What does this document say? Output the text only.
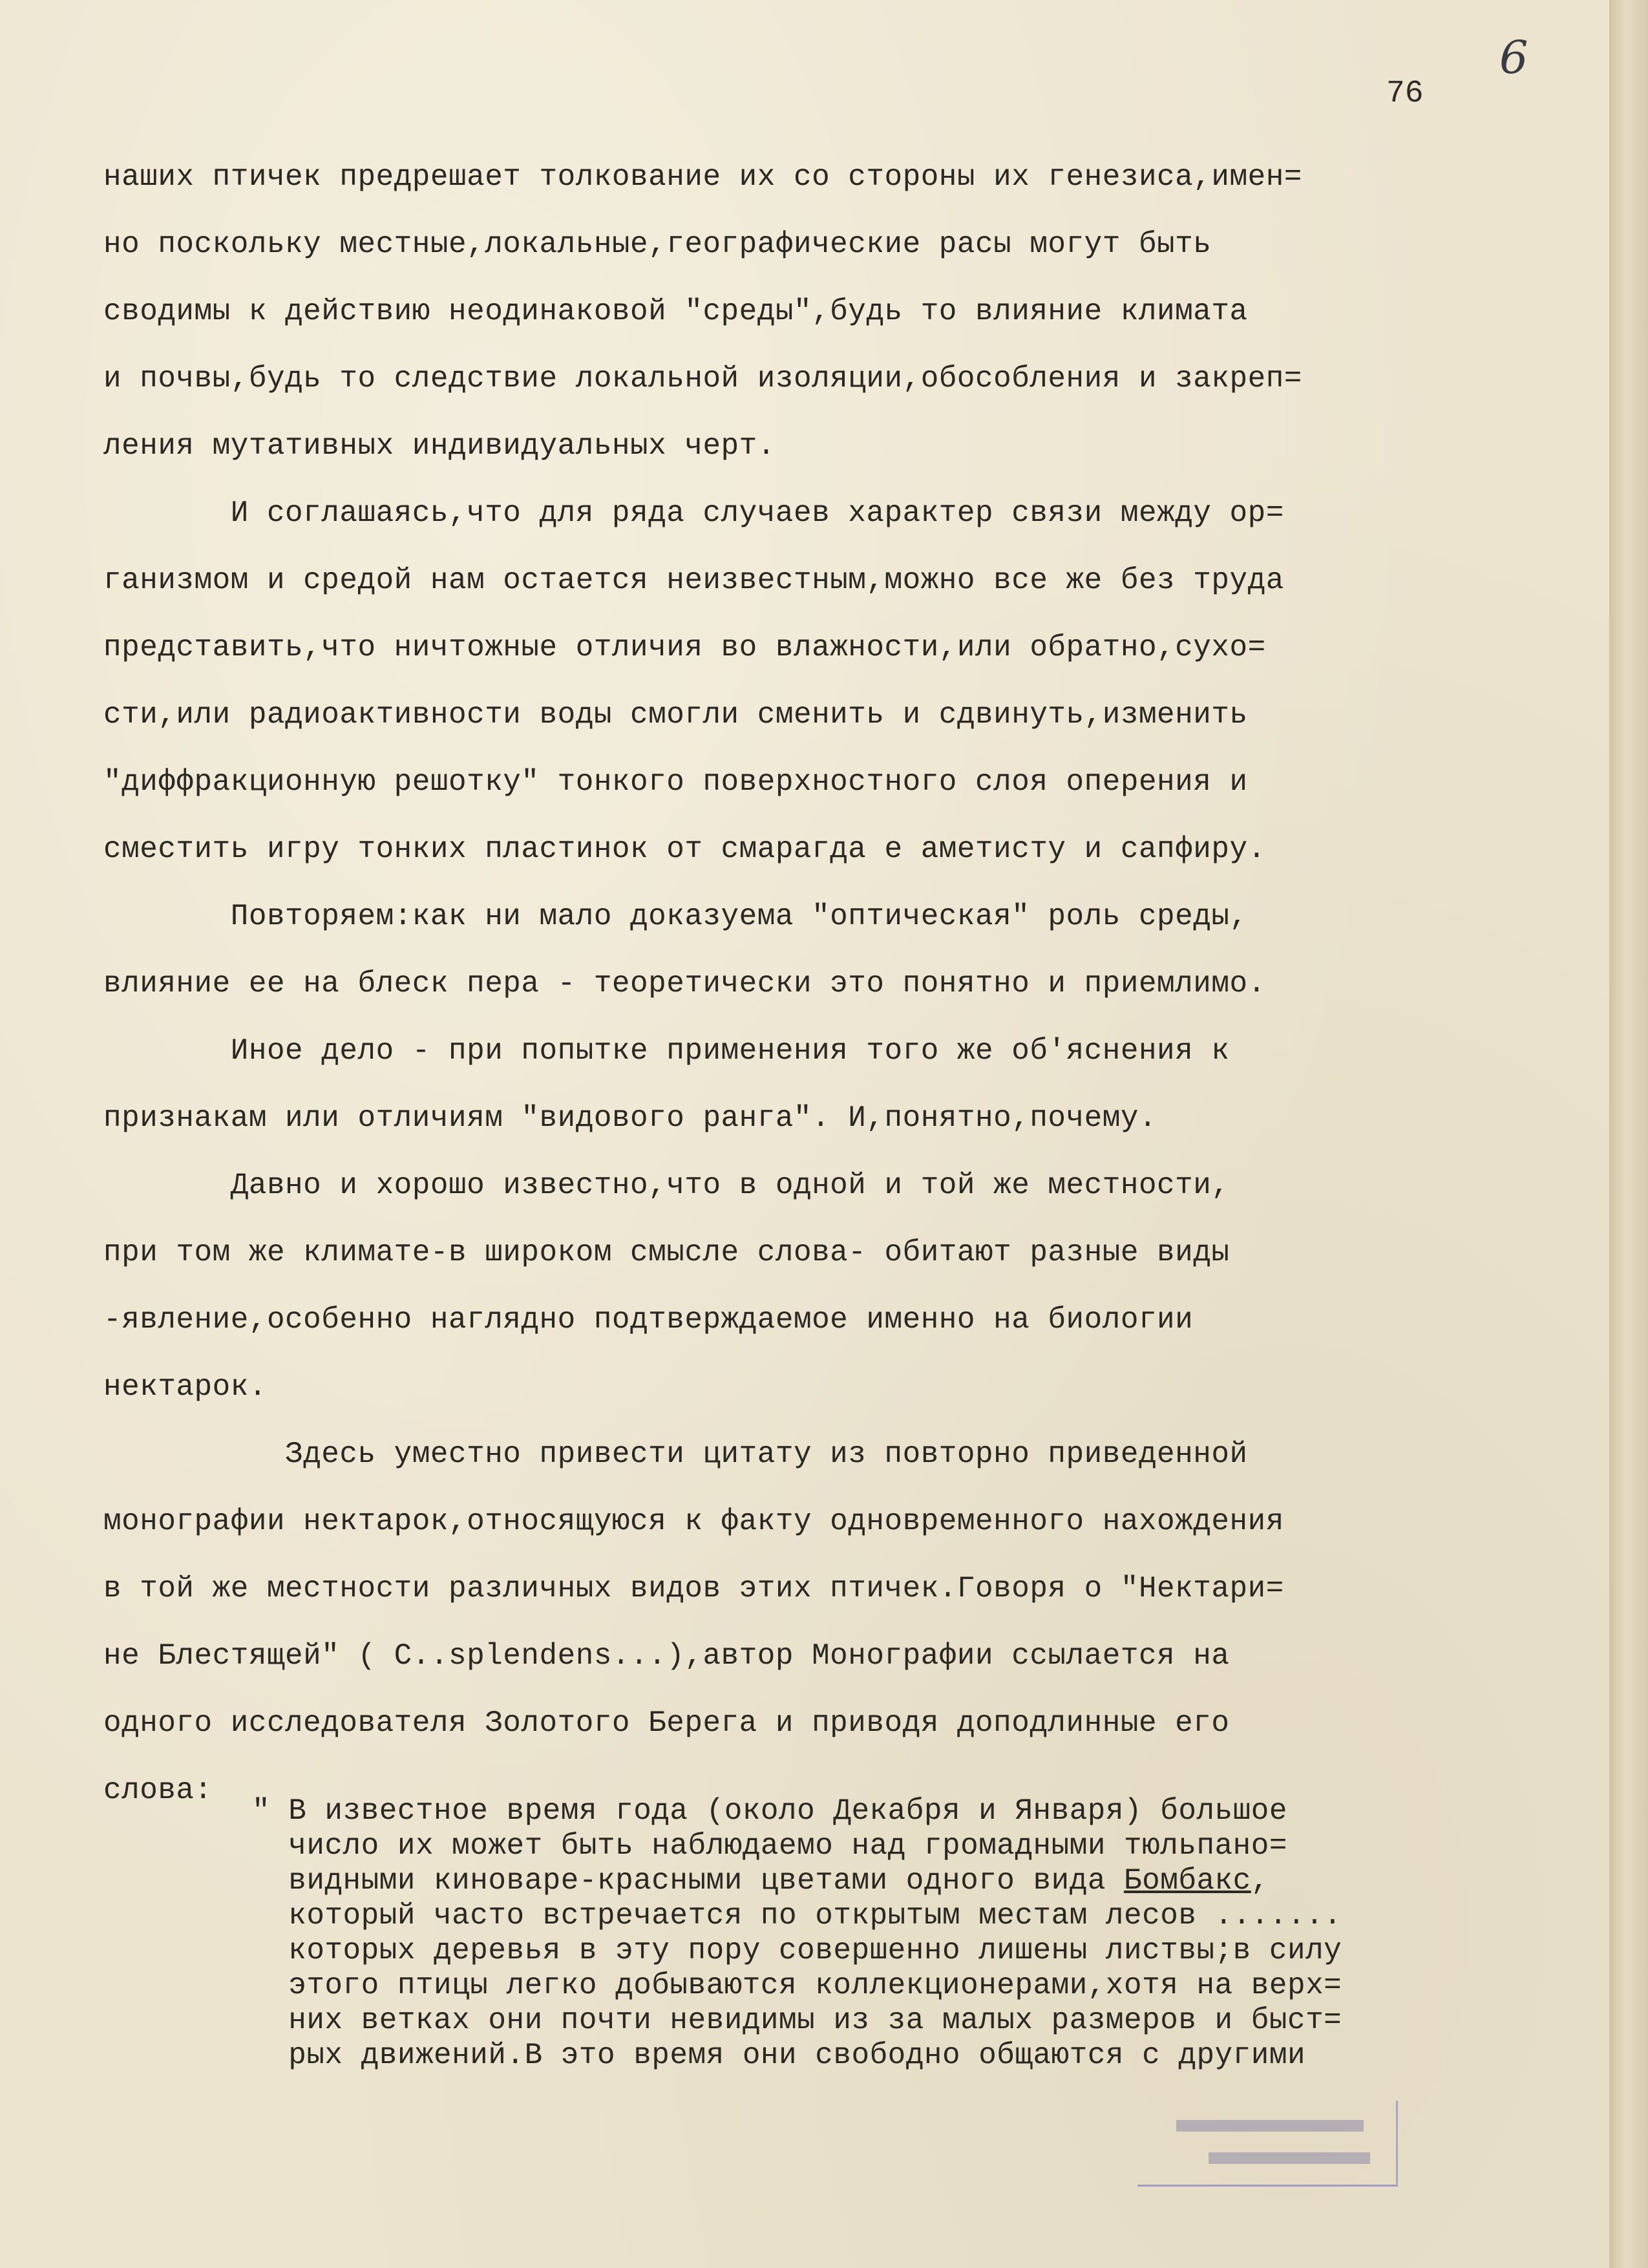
6
76
наших птичек предрешает толкование их со стороны их генезиса,имен=
но поскольку местные,локальные,географические расы могут быть
сводимы к действию неодинаковой "среды",будь то влияние климата
и почвы,будь то следствие локальной изоляции,обособления и закреп=
ления мутативных индивидуальных черт.
И соглашаясь,что для ряда случаев характер связи между ор=
ганизмом и средой нам остается неизвестным,можно все же без труда
представить,что ничтожные отличия во влажности,или обратно,сухо=
сти,или радиоактивности воды смогли сменить и сдвинуть,изменить
"диффракционную решотку" тонкого поверхностного слоя оперения и
сместить игру тонких пластинок от смарагда е аметисту и сапфиру.
Повторяем:как ни мало доказуема "оптическая" роль среды,
влияние ее на блеск пера - теоретически это понятно и приемлимо.
Иное дело - при попытке применения того же об'яснения к
признакам или отличиям "видового ранга". И,понятно,почему.
Давно и хорошо известно,что в одной и той же местности,
при том же климате-в широком смысле слова- обитают разные виды
-явление,особенно наглядно подтверждаемое именно на биологии
нектарок.
Здесь уместно привести цитату из повторно приведенной
монографии нектарок,относящуюся к факту одновременного нахождения
в той же местности различных видов этих птичек.Говоря о "Нектари=
не Блестящей" ( C..splendens...),автор Монографии ссылается на
одного исследователя Золотого Берега и приводя доподлинные его
слова:
" В известное время года (около Декабря и Января) большое
число их может быть наблюдаемо над громадными тюльпано=
видными киноваре-красными цветами одного вида Бомбакс,
который часто встречается по открытым местам лесов .......
которых деревья в эту пору совершенно лишены листвы;в силу
этого птицы легко добываются коллекционерами,хотя на верх=
них ветках они почти невидимы из за малых размеров и быст=
рых движений.В это время они свободно общаются с другими
